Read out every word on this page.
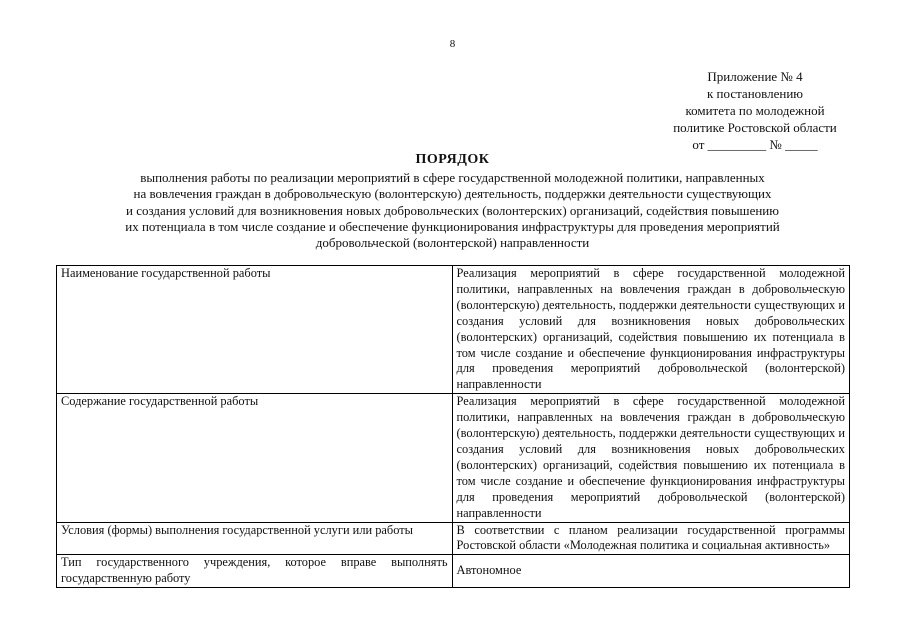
8
Приложение № 4
к постановлению
комитета по молодежной
политике Ростовской области
от _________ № _____
ПОРЯДОК
выполнения работы по реализации мероприятий в сфере государственной молодежной политики, направленных
на вовлечения граждан в добровольческую (волонтерскую) деятельность, поддержки деятельности существующих
и создания условий для возникновения новых добровольческих (волонтерских) организаций, содействия повышению
их потенциала в том числе создание и обеспечение функционирования инфраструктуры для проведения мероприятий
добровольческой (волонтерской) направленности
Наименование государственной работы	Реализация мероприятий в сфере государственной молодежной политики, направленных на вовлечения граждан в добровольческую (волонтерскую) деятельность, поддержки деятельности существующих и создания условий для возникновения новых добровольческих (волонтерских) организаций, содействия повышению их потенциала в том числе создание и обеспечение функционирования инфраструктуры для проведения мероприятий добровольческой (волонтерской) направленности
Содержание государственной работы	Реализация мероприятий в сфере государственной молодежной политики, направленных на вовлечения граждан в добровольческую (волонтерскую) деятельность, поддержки деятельности существующих и создания условий для возникновения новых добровольческих (волонтерских) организаций, содействия повышению их потенциала в том числе создание и обеспечение функционирования инфраструктуры для проведения мероприятий добровольческой (волонтерской) направленности
Условия (формы) выполнения государственной услуги или работы	В соответствии с планом реализации государственной программы Ростовской области «Молодежная политика и социальная активность»
Тип государственного учреждения, которое вправе выполнять государственную работу	Автономное
